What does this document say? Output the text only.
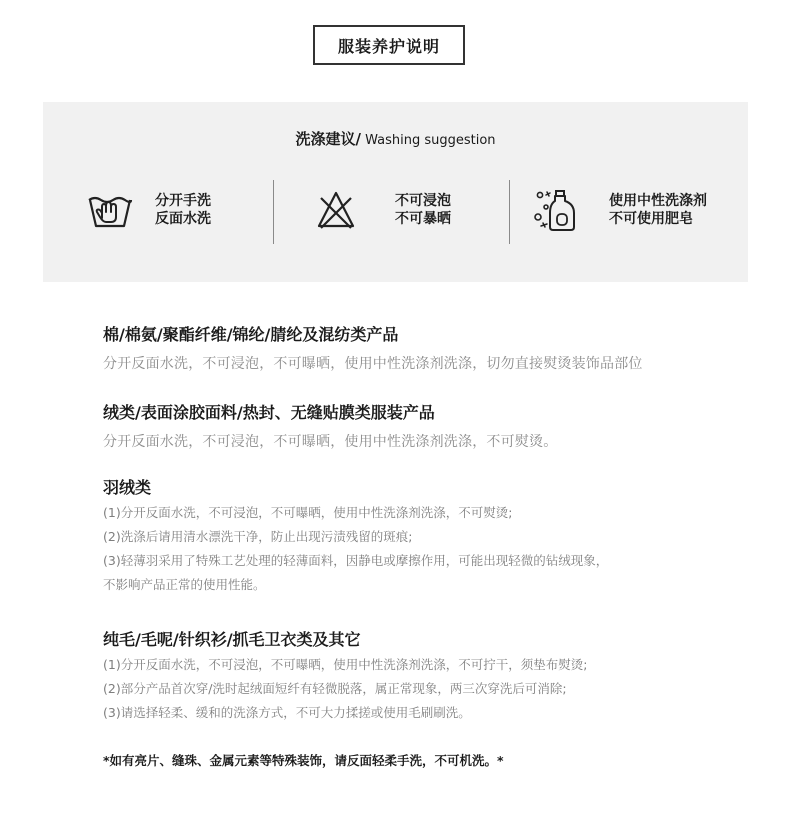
服装养护说明
洗涤建议/ Washing suggestion
分开手洗
反面水洗
不可浸泡
不可暴晒
使用中性洗涤剂
不可使用肥皂
棉/棉氨/聚酯纤维/锦纶/腈纶及混纺类产品
分开反面水洗，不可浸泡，不可曝晒，使用中性洗涤剂洗涤，切勿直接熨烫装饰品部位
绒类/表面涂胶面料/热封、无缝贴膜类服装产品
分开反面水洗，不可浸泡，不可曝晒，使用中性洗涤剂洗涤，不可熨烫。
羽绒类
(1)分开反面水洗，不可浸泡，不可曝晒，使用中性洗涤剂洗涤，不可熨烫;
(2)洗涤后请用清水漂洗干净，防止出现污渍残留的斑痕;
(3)轻薄羽采用了特殊工艺处理的轻薄面料，因静电或摩擦作用，可能出现轻微的钻绒现象，
不影响产品正常的使用性能。
纯毛/毛呢/针织衫/抓毛卫衣类及其它
(1)分开反面水洗，不可浸泡，不可曝晒，使用中性洗涤剂洗涤，不可拧干，须垫布熨烫;
(2)部分产品首次穿/洗时起绒面短纤有轻微脱落，属正常现象，两三次穿洗后可消除;
(3)请选择轻柔、缓和的洗涤方式，不可大力揉搓或使用毛刷刷洗。
*如有亮片、缝珠、金属元素等特殊装饰，请反面轻柔手洗，不可机洗。*
